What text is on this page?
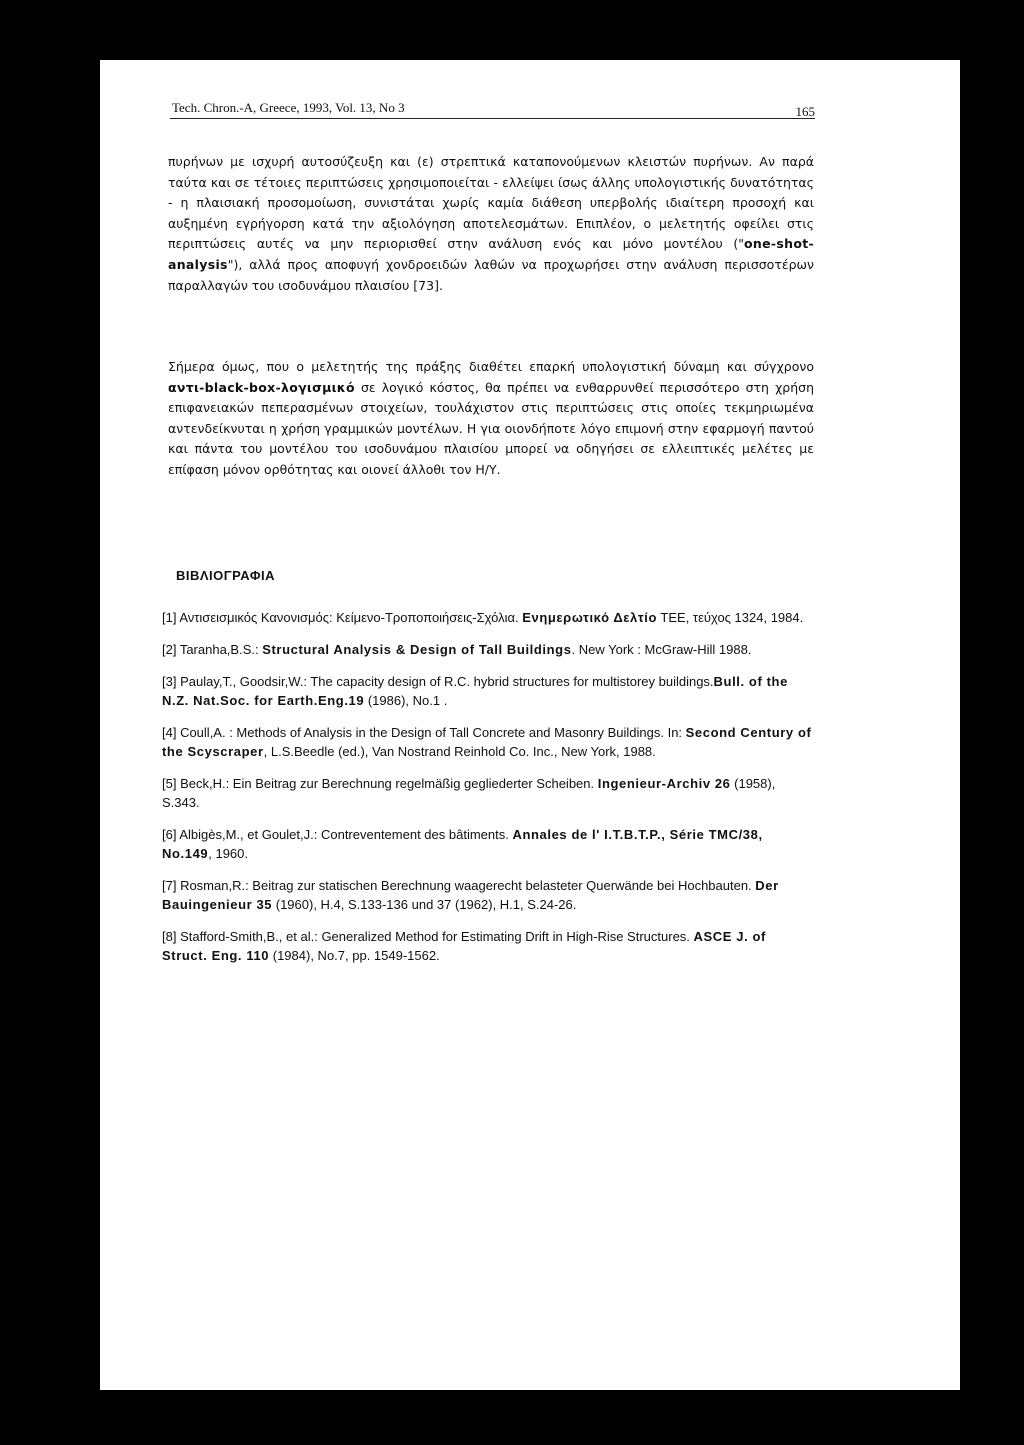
Tech. Chron.-A, Greece, 1993, Vol. 13, No 3	165

πυρήνων με ισχυρή αυτοσύζευξη και (ε) στρεπτικά καταπονούμενων κλειστών πυρήνων. Αν παρά ταύτα και σε τέτοιες περιπτώσεις χρησιμοποιείται - ελλείψει ίσως άλλης υπολογιστικής δυνατότητας - η πλαισιακή προσομοίωση, συνιστάται χωρίς καμία διάθεση υπερβολής ιδιαίτερη προσοχή και αυξημένη εγρήγορση κατά την αξιολόγηση αποτελεσμάτων. Επιπλέον, ο μελετητής οφείλει στις περιπτώσεις αυτές να μην περιορισθεί στην ανάλυση ενός και μόνο μοντέλου ("one-shot-analysis"), αλλά προς αποφυγή χονδροειδών λαθών να προχωρήσει στην ανάλυση περισσοτέρων παραλλαγών του ισοδυνάμου πλαισίου [73].

Σήμερα όμως, που ο μελετητής της πράξης διαθέτει επαρκή υπολογιστική δύναμη και σύγχρονο αντι-black-box-λογισμικό σε λογικό κόστος, θα πρέπει να ενθαρρυνθεί περισσότερο στη χρήση επιφανειακών πεπερασμένων στοιχείων, τουλάχιστον στις περιπτώσεις στις οποίες τεκμηριωμένα αντενδείκνυται η χρήση γραμμικών μοντέλων. Η για οιονδήποτε λόγο επιμονή στην εφαρμογή παντού και πάντα του μοντέλου του ισοδυνάμου πλαισίου μπορεί να οδηγήσει σε ελλειπτικές μελέτες με επίφαση μόνον ορθότητας και οιονεί άλλοθι τον Η/Υ.

ΒΙΒΛΙΟΓΡΑΦΙΑ
[1] Αντισεισμικός Κανονισμός: Κείμενο-Τροποποιήσεις-Σχόλια. Ενημερωτικό Δελτίο ΤΕΕ, τεύχος 1324, 1984.
[2] Taranha,B.S.: Structural Analysis & Design of Tall Buildings. New York : McGraw-Hill 1988.
[3] Paulay,T., Goodsir,W.: The capacity design of R.C. hybrid structures for multistorey buildings.Bull. of the N.Z. Nat.Soc. for Earth.Eng.19 (1986), No.1 .
[4] Coull,A. : Methods of Analysis in the Design of Tall Concrete and Masonry Buildings. In: Second Century of the Scyscraper, L.S.Beedle (ed.), Van Nostrand Reinhold Co. Inc., New York, 1988.
[5] Beck,H.: Ein Beitrag zur Berechnung regelmäßig gegliederter Scheiben. Ingenieur-Archiv 26 (1958), S.343.
[6] Albigès,M., et Goulet,J.: Contreventement des bâtiments. Annales de l' I.T.B.T.P., Série TMC/38, No.149, 1960.
[7] Rosman,R.: Beitrag zur statischen Berechnung waagerecht belasteter Querwände bei Hochbauten. Der Bauingenieur 35 (1960), H.4, S.133-136 und 37 (1962), H.1, S.24-26.
[8] Stafford-Smith,B., et al.: Generalized Method for Estimating Drift in High-Rise Structures. ASCE J. of Struct. Eng. 110 (1984), No.7, pp. 1549-1562.
